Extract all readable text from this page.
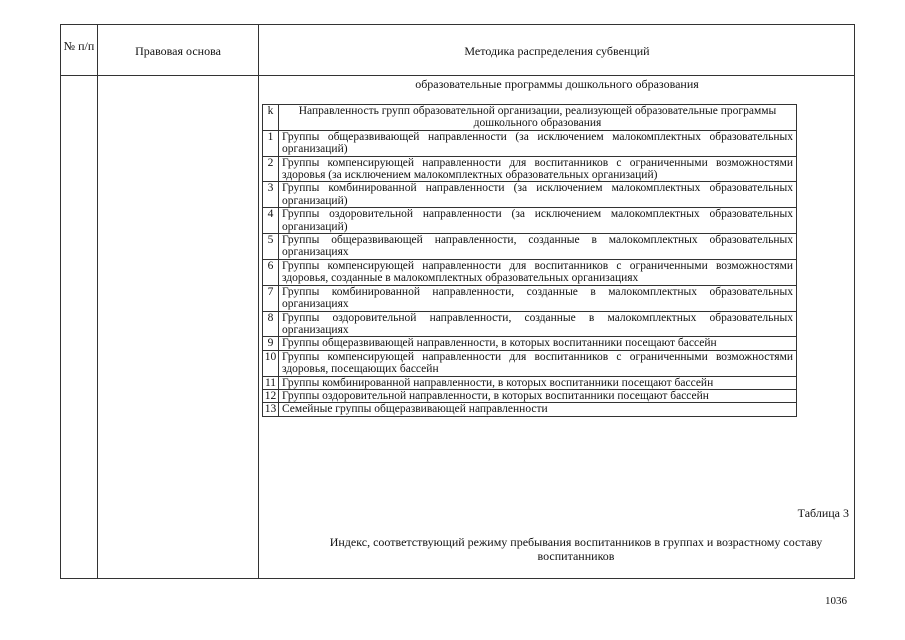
№ п/п	Правовая основа	Методика распределения субвенций
образовательные программы дошкольного образования
k	Направленность групп образовательной организации, реализующей образовательные программы дошкольного образования
1	Группы общеразвивающей направленности (за исключением малокомплектных образовательных организаций)
2	Группы компенсирующей направленности для воспитанников с ограниченными возможностями здоровья (за исключением малокомплектных образовательных организаций)
3	Группы комбинированной направленности (за исключением малокомплектных образовательных организаций)
4	Группы оздоровительной направленности (за исключением малокомплектных образовательных организаций)
5	Группы общеразвивающей направленности, созданные в малокомплектных образовательных организациях
6	Группы компенсирующей направленности для воспитанников с ограниченными возможностями здоровья, созданные в малокомплектных образовательных организациях
7	Группы комбинированной направленности, созданные в малокомплектных образовательных организациях
8	Группы оздоровительной направленности, созданные в малокомплектных образовательных организациях
9	Группы общеразвивающей направленности, в которых воспитанники посещают бассейн
10	Группы компенсирующей направленности для воспитанников с ограниченными возможностями здоровья, посещающих бассейн
11	Группы комбинированной направленности, в которых воспитанники посещают бассейн
12	Группы оздоровительной направленности, в которых воспитанники посещают бассейн
13	Семейные группы общеразвивающей направленности
Таблица 3
Индекс, соответствующий режиму пребывания воспитанников в группах и возрастному составу воспитанников
1036
